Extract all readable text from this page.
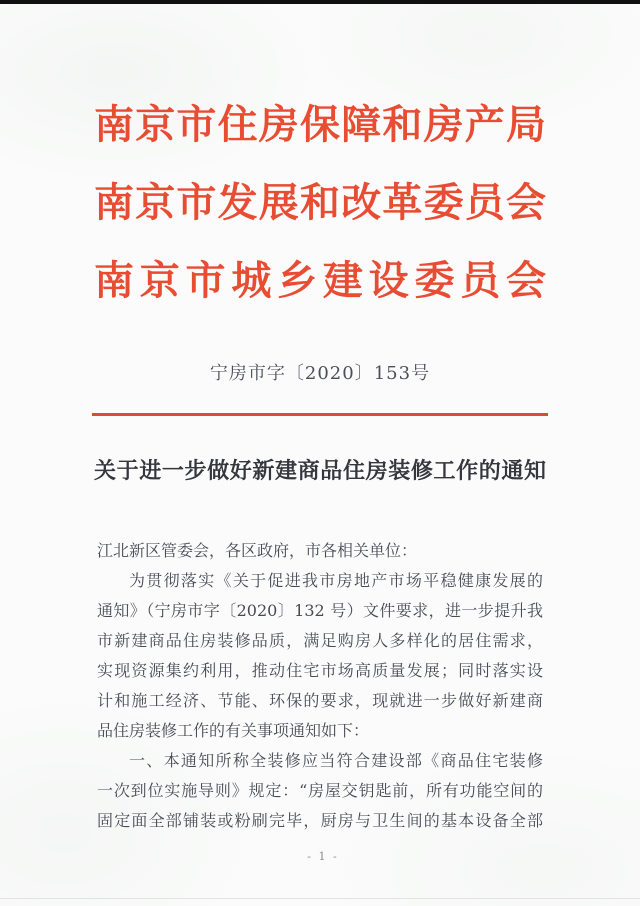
南京市住房保障和房产局
南京市发展和改革委员会
南京市城乡建设委员会
宁房市字〔2020〕153号
关于进一步做好新建商品住房装修工作的通知

江北新区管委会，各区政府，市各相关单位：

为贯彻落实《关于促进我市房地产市场平稳健康发展的

通知》（宁房市字〔2020〕132 号）文件要求，进一步提升我

市新建商品住房装修品质，满足购房人多样化的居住需求，

实现资源集约利用，推动住宅市场高质量发展；同时落实设

计和施工经济、节能、环保的要求，现就进一步做好新建商

品住房装修工作的有关事项通知如下：

一、本通知所称全装修应当符合建设部《商品住宅装修

一次到位实施导则》规定：“房屋交钥匙前，所有功能空间的

固定面全部铺装或粉刷完毕，厨房与卫生间的基本设备全部

- 1 -
